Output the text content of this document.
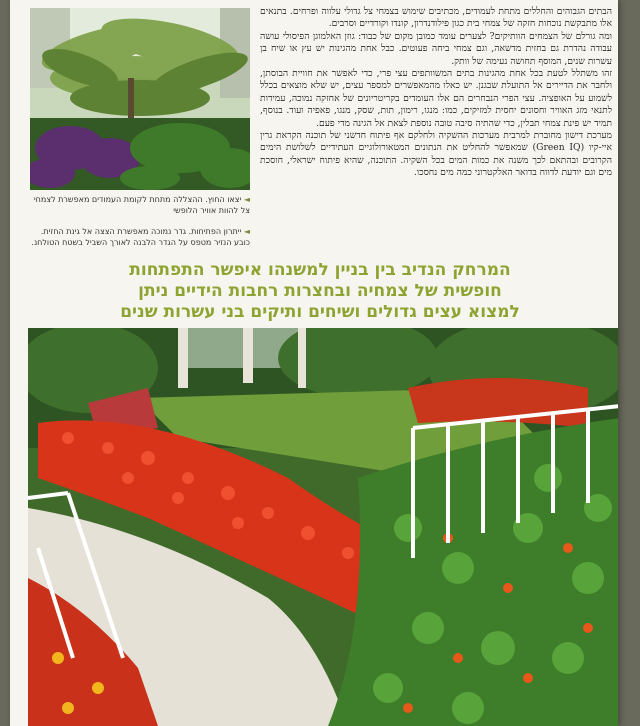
◄ יצאו החוץ. ההצללה מתחת לקומת העמודים מאפשרת לצמחי צל להוות אוויר הלופשי
◄ ייתרון הפתיחות. גדר נמוכה מאפשרת הצצה אל גינת החזית. כובע הנזיר מטפס על הגדר הלבנה לאורך השביל בשטח הטולחנ.

הבתים הגבוהים והחללים מתחת לעמודים, מכתיבים שימוש בצמחי צל גדולי עלווה ופרחים. בתנאים אלו מתבקשת נוכחות חזקה של צמחי בית כגון פילודנדרון, קונדו וקורדיים וסרבים.

ומה גורלם של הצמחים הוותיקים? לצערים עומד כמובן מקום של כבוד: גוזן האלמוגן הפיסולי עושה עבודה נהדרת גם בחזית מדשאה, וגם צמחי ביחה פעוטים. כבל אחת מהגינות יש עץ או שיח בן עשרות שנים, המוסף תחושה נעימה של וותק.

זהו משתלל לטעת בכל אחת מהגינות בתים המשוותפים עצי פרי, כדי לאפשר את חוויית הבוסתן, ולחבר את הדיירים אל התועלת שבגנן. יש כאלו מהמאפשרים למספר עצים, יש שלא מוצאים בכלל לשמוע על האופציה. עצי הפרי הנבחרים הם אלו העומדים בקריטריונים של אחזקה נמוכה, עמידות לתנאי מזג האוויר וחסונים יחסית למזיקים, כמו: מנגו, רימון, תות, שסק, מנגו, פאפיה ועוד. בנוסף, תמיד יש פינת צמחי תבלין, כדי שהתיה סיבה טובה נוספת לצאת אל הגינה מדי פעם.

מערכת דישון מחוברת למרבית מערכות ההשקיה ולחלקם אף פיתוח חדשני של תוכנה הקראת גרין איי-קיו (Green IQ) שמאפשר להחליט את הנתונים המטאורולוגיים העתידיים לשלושת הימים הקרובים ובהתאם לכך משנה את כמות המים בכל השקיה. התוכנה, שהיא פיתוח ישראלי, חוסכת מים וגם יודעת לדווח בדואר האלקטרוני כמה מים נחסכו.

המרחק הנדיב בין בניין למשנהו איפשר התפתחות
חופשית של צמחיה ובחצרות רחבות הידיים ניתן
למצוא עצים גדולים ושיחים ותיקים בני עשרות שנים
